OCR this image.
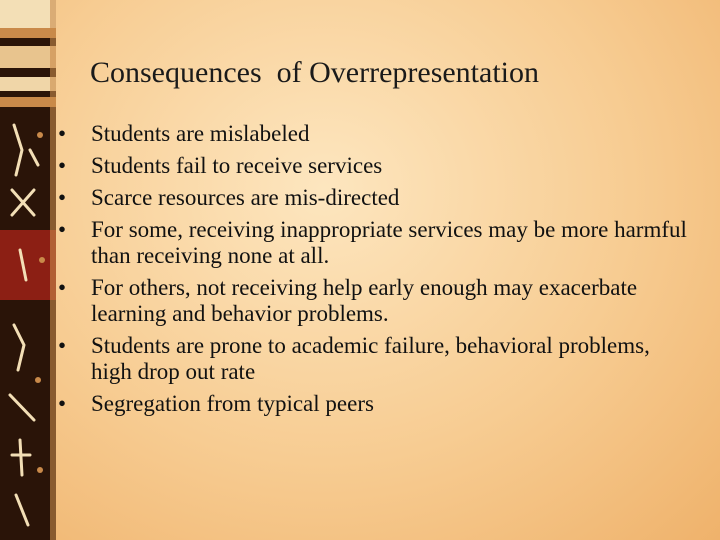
Consequences  of Overrepresentation
• Students are mislabeled
• Students fail to receive services
• Scarce resources are mis-directed
• For some, receiving inappropriate services may be more harmful than receiving none at all.
• For others, not receiving help early enough may exacerbate learning and behavior problems.
• Students are prone to academic failure, behavioral problems, high drop out rate
• Segregation from typical peers
